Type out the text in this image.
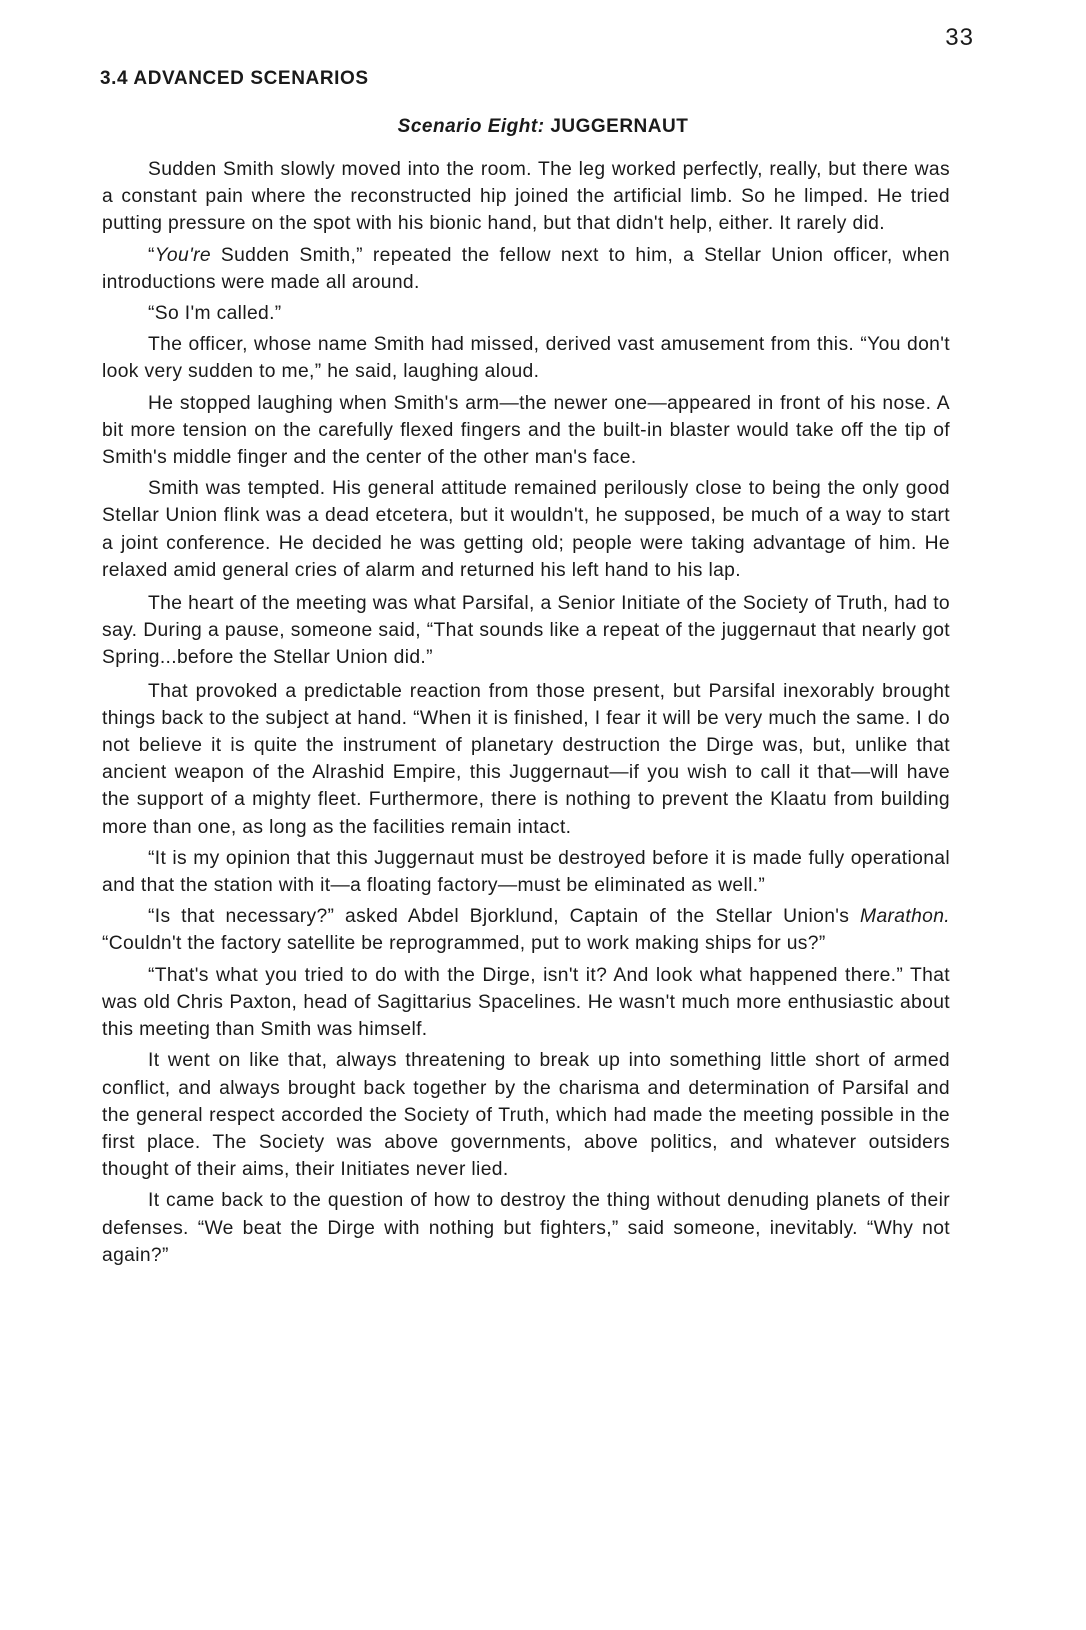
33
3.4 ADVANCED SCENARIOS
Scenario Eight: JUGGERNAUT

Sudden Smith slowly moved into the room. The leg worked perfectly, really, but there was a constant pain where the reconstructed hip joined the artificial limb. So he limped. He tried putting pressure on the spot with his bionic hand, but that didn't help, either. It rarely did.

“You're Sudden Smith,” repeated the fellow next to him, a Stellar Union officer, when introductions were made all around.

“So I'm called.”

The officer, whose name Smith had missed, derived vast amusement from this. “You don't look very sudden to me,” he said, laughing aloud.

He stopped laughing when Smith's arm—the newer one—appeared in front of his nose. A bit more tension on the carefully flexed fingers and the built-in blaster would take off the tip of Smith's middle finger and the center of the other man's face.

Smith was tempted. His general attitude remained perilously close to being the only good Stellar Union flink was a dead etcetera, but it wouldn't, he supposed, be much of a way to start a joint conference. He decided he was getting old; people were taking advantage of him. He relaxed amid general cries of alarm and returned his left hand to his lap.

The heart of the meeting was what Parsifal, a Senior Initiate of the Society of Truth, had to say. During a pause, someone said, “That sounds like a repeat of the juggernaut that nearly got Spring...before the Stellar Union did.”

That provoked a predictable reaction from those present, but Parsifal inexorably brought things back to the subject at hand. “When it is finished, I fear it will be very much the same. I do not believe it is quite the instrument of planetary destruction the Dirge was, but, unlike that ancient weapon of the Alrashid Empire, this Juggernaut—if you wish to call it that—will have the support of a mighty fleet. Furthermore, there is nothing to prevent the Klaatu from building more than one, as long as the facilities remain intact.

“It is my opinion that this Juggernaut must be destroyed before it is made fully operational and that the station with it—a floating factory—must be eliminated as well.”

“Is that necessary?” asked Abdel Bjorklund, Captain of the Stellar Union's Marathon. “Couldn't the factory satellite be reprogrammed, put to work making ships for us?”

“That's what you tried to do with the Dirge, isn't it? And look what happened there.” That was old Chris Paxton, head of Sagittarius Spacelines. He wasn't much more enthusiastic about this meeting than Smith was himself.

It went on like that, always threatening to break up into something little short of armed conflict, and always brought back together by the charisma and determination of Parsifal and the general respect accorded the Society of Truth, which had made the meeting possible in the first place. The Society was above governments, above politics, and whatever outsiders thought of their aims, their Initiates never lied.

It came back to the question of how to destroy the thing without denuding planets of their defenses. “We beat the Dirge with nothing but fighters,” said someone, inevitably. “Why not again?”
